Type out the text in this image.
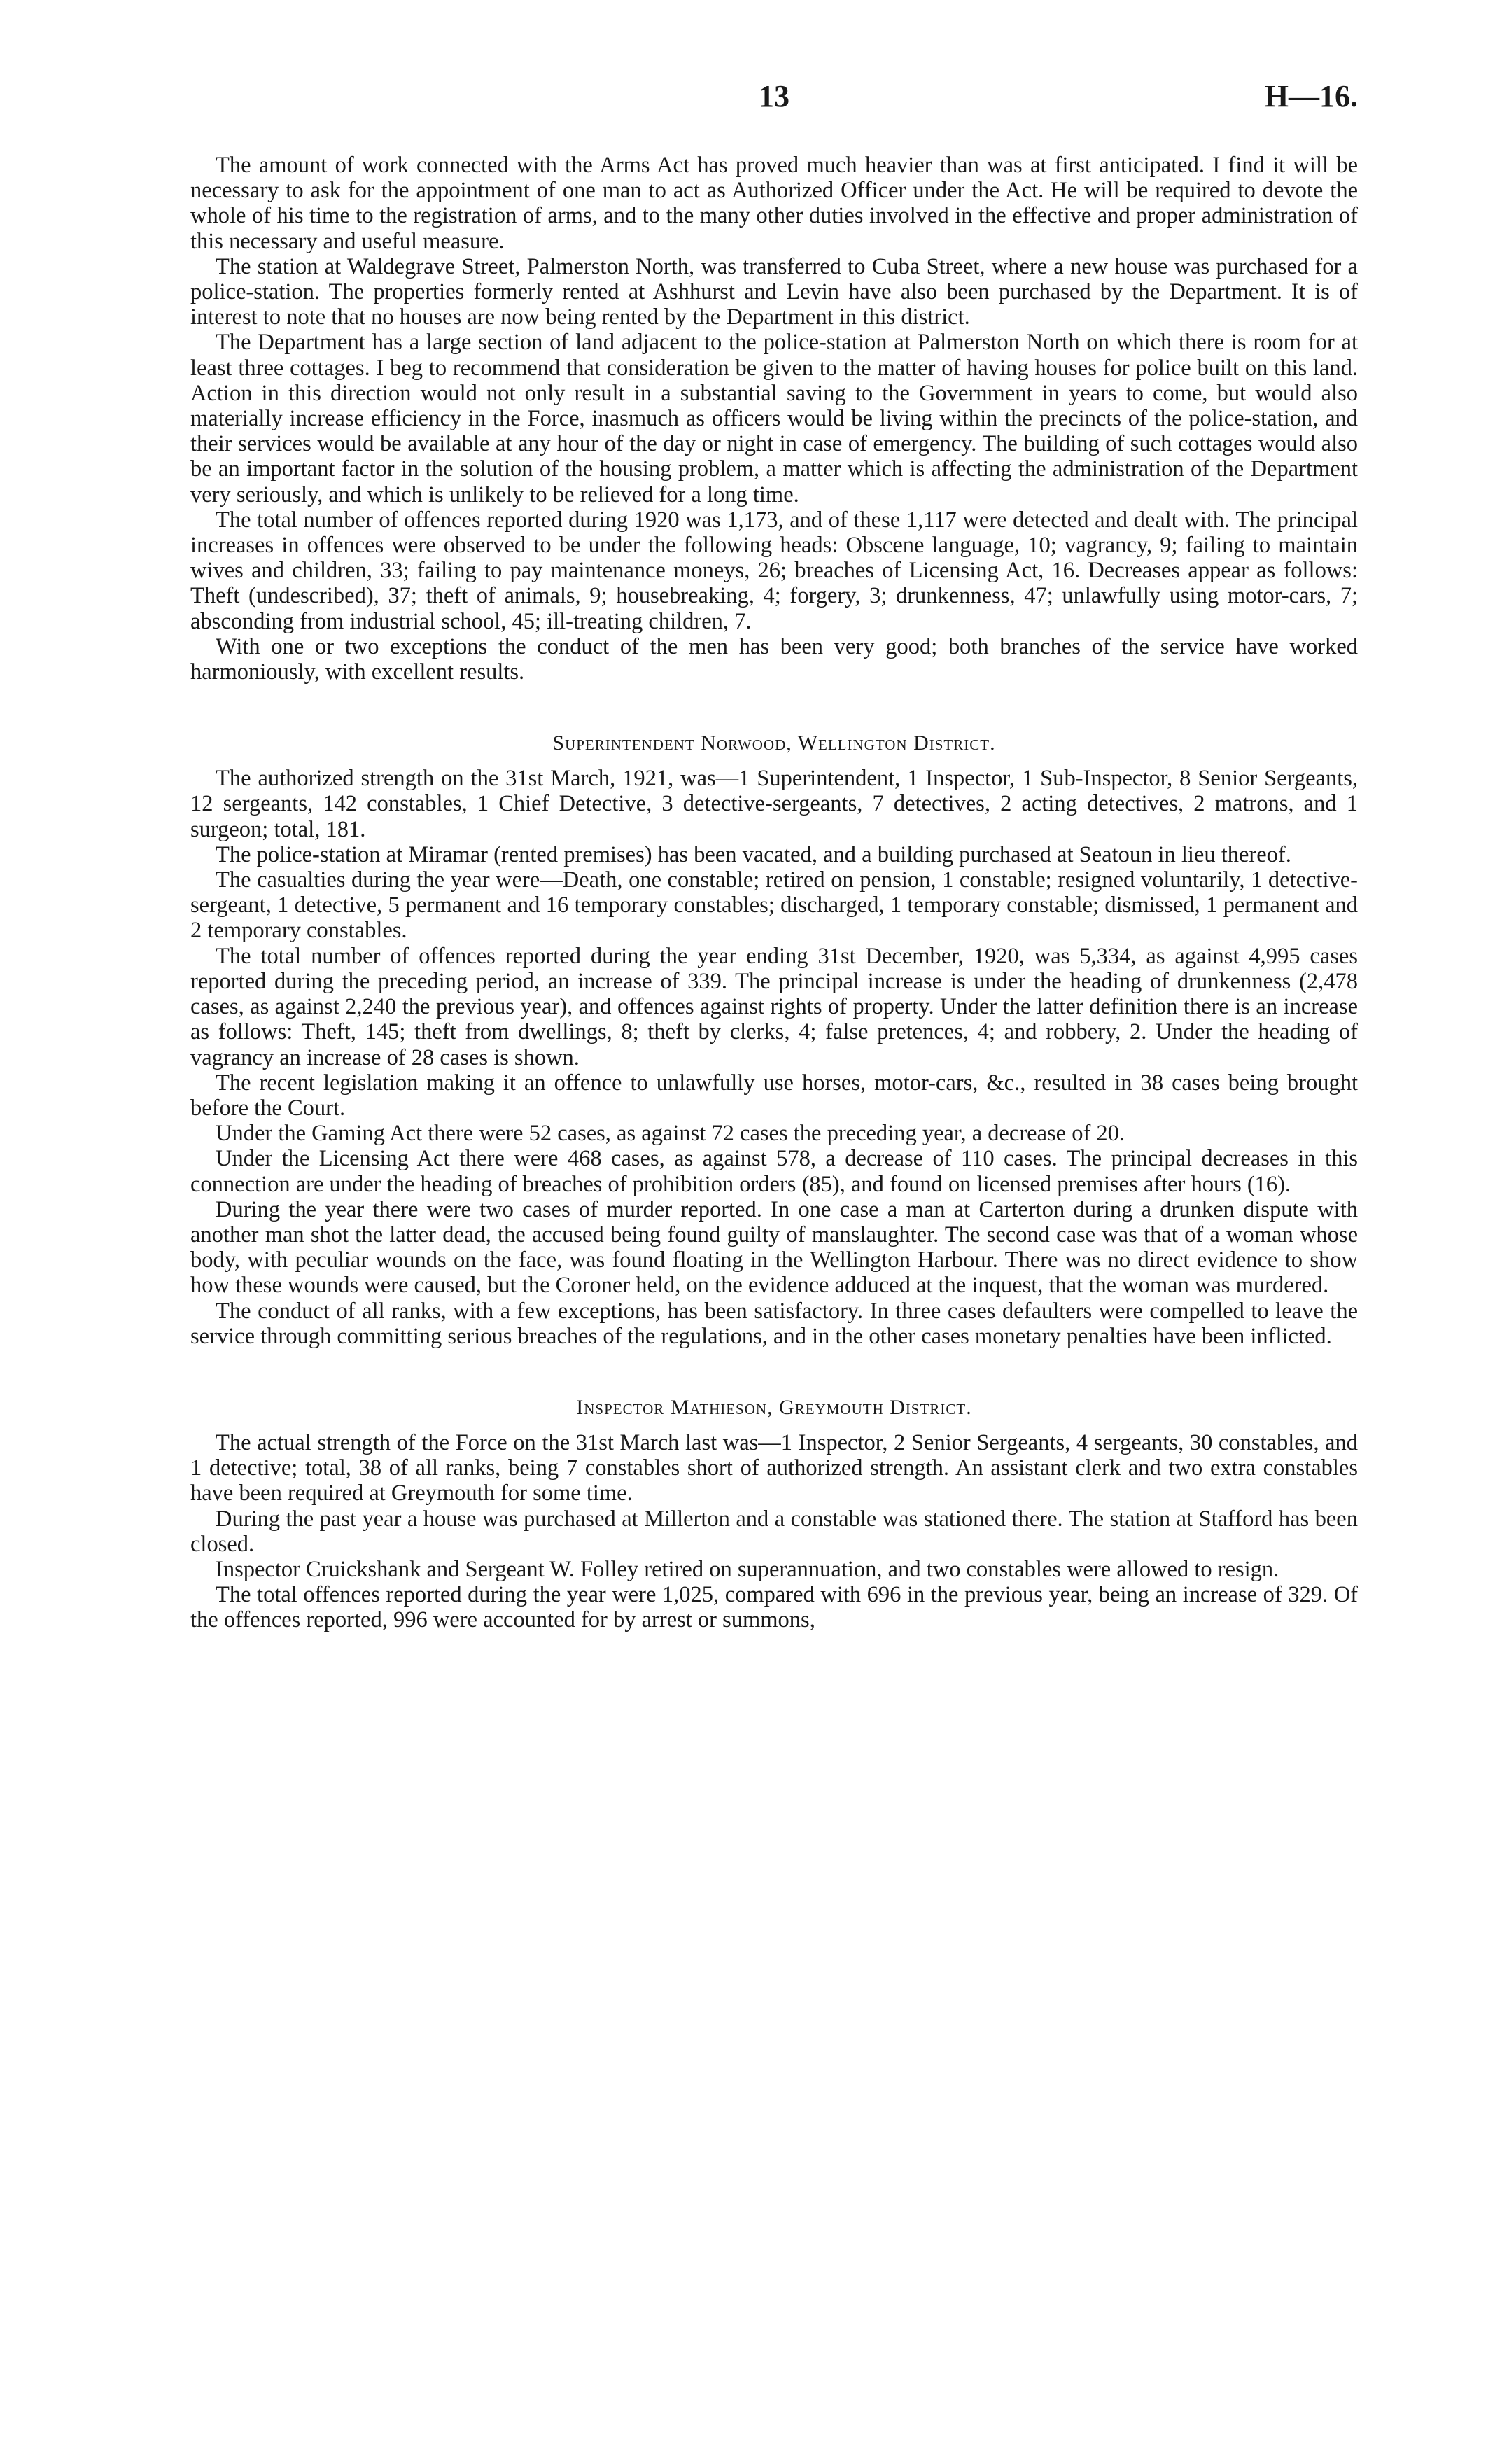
13	H—16.

The amount of work connected with the Arms Act has proved much heavier than was at first anticipated. I find it will be necessary to ask for the appointment of one man to act as Authorized Officer under the Act. He will be required to devote the whole of his time to the registration of arms, and to the many other duties involved in the effective and proper administration of this necessary and useful measure.

The station at Waldegrave Street, Palmerston North, was transferred to Cuba Street, where a new house was purchased for a police-station. The properties formerly rented at Ashhurst and Levin have also been purchased by the Department. It is of interest to note that no houses are now being rented by the Department in this district.

The Department has a large section of land adjacent to the police-station at Palmerston North on which there is room for at least three cottages. I beg to recommend that consideration be given to the matter of having houses for police built on this land. Action in this direction would not only result in a substantial saving to the Government in years to come, but would also materially increase efficiency in the Force, inasmuch as officers would be living within the precincts of the police-station, and their services would be available at any hour of the day or night in case of emergency. The building of such cottages would also be an important factor in the solution of the housing problem, a matter which is affecting the administration of the Department very seriously, and which is unlikely to be relieved for a long time.

The total number of offences reported during 1920 was 1,173, and of these 1,117 were detected and dealt with. The principal increases in offences were observed to be under the following heads: Obscene language, 10; vagrancy, 9; failing to maintain wives and children, 33; failing to pay maintenance moneys, 26; breaches of Licensing Act, 16. Decreases appear as follows: Theft (undescribed), 37; theft of animals, 9; housebreaking, 4; forgery, 3; drunkenness, 47; unlawfully using motor-cars, 7; absconding from industrial school, 45; ill-treating children, 7.

With one or two exceptions the conduct of the men has been very good; both branches of the service have worked harmoniously, with excellent results.

Superintendent Norwood, Wellington District.

The authorized strength on the 31st March, 1921, was—1 Superintendent, 1 Inspector, 1 Sub-Inspector, 8 Senior Sergeants, 12 sergeants, 142 constables, 1 Chief Detective, 3 detective-sergeants, 7 detectives, 2 acting detectives, 2 matrons, and 1 surgeon; total, 181.

The police-station at Miramar (rented premises) has been vacated, and a building purchased at Seatoun in lieu thereof.

The casualties during the year were—Death, one constable; retired on pension, 1 constable; resigned voluntarily, 1 detective-sergeant, 1 detective, 5 permanent and 16 temporary constables; discharged, 1 temporary constable; dismissed, 1 permanent and 2 temporary constables.

The total number of offences reported during the year ending 31st December, 1920, was 5,334, as against 4,995 cases reported during the preceding period, an increase of 339. The principal increase is under the heading of drunkenness (2,478 cases, as against 2,240 the previous year), and offences against rights of property. Under the latter definition there is an increase as follows: Theft, 145; theft from dwellings, 8; theft by clerks, 4; false pretences, 4; and robbery, 2. Under the heading of vagrancy an increase of 28 cases is shown.

The recent legislation making it an offence to unlawfully use horses, motor-cars, &c., resulted in 38 cases being brought before the Court.

Under the Gaming Act there were 52 cases, as against 72 cases the preceding year, a decrease of 20.

Under the Licensing Act there were 468 cases, as against 578, a decrease of 110 cases. The principal decreases in this connection are under the heading of breaches of prohibition orders (85), and found on licensed premises after hours (16).

During the year there were two cases of murder reported. In one case a man at Carterton during a drunken dispute with another man shot the latter dead, the accused being found guilty of manslaughter. The second case was that of a woman whose body, with peculiar wounds on the face, was found floating in the Wellington Harbour. There was no direct evidence to show how these wounds were caused, but the Coroner held, on the evidence adduced at the inquest, that the woman was murdered.

The conduct of all ranks, with a few exceptions, has been satisfactory. In three cases defaulters were compelled to leave the service through committing serious breaches of the regulations, and in the other cases monetary penalties have been inflicted.

Inspector Mathieson, Greymouth District.

The actual strength of the Force on the 31st March last was—1 Inspector, 2 Senior Sergeants, 4 sergeants, 30 constables, and 1 detective; total, 38 of all ranks, being 7 constables short of authorized strength. An assistant clerk and two extra constables have been required at Greymouth for some time.

During the past year a house was purchased at Millerton and a constable was stationed there. The station at Stafford has been closed.

Inspector Cruickshank and Sergeant W. Folley retired on superannuation, and two constables were allowed to resign.

The total offences reported during the year were 1,025, compared with 696 in the previous year, being an increase of 329. Of the offences reported, 996 were accounted for by arrest or summons,
